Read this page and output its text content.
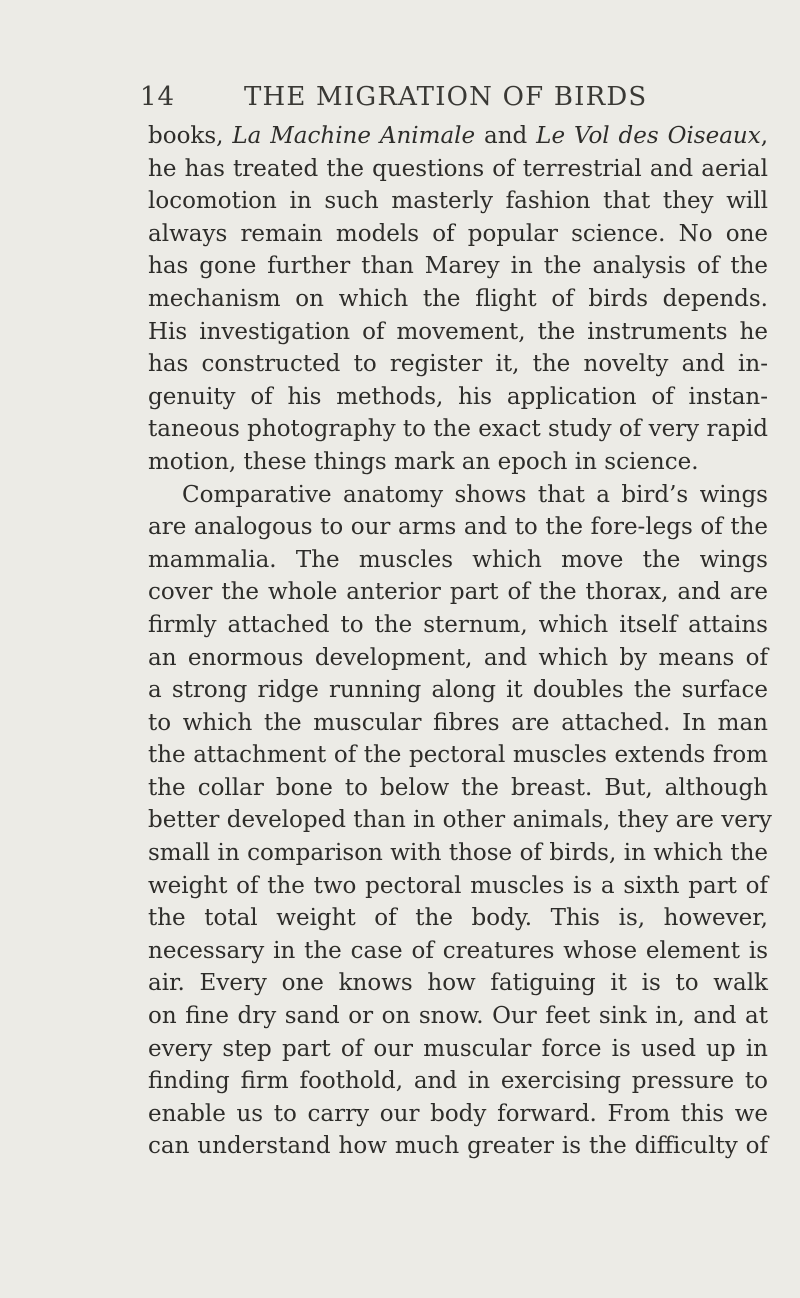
14	THE MIGRATION OF BIRDS
books, La Machine Animale and Le Vol des Oiseaux,
he has treated the questions of terrestrial and aerial
locomotion in such masterly fashion that they will
always remain models of popular science. No one
has gone further than Marey in the analysis of the
mechanism on which the flight of birds depends.
His investigation of movement, the instruments he
has constructed to register it, the novelty and in-
genuity of his methods, his application of instan-
taneous photography to the exact study of very rapid
motion, these things mark an epoch in science.
Comparative anatomy shows that a bird’s wings
are analogous to our arms and to the fore-legs of the
mammalia. The muscles which move the wings
cover the whole anterior part of the thorax, and are
firmly attached to the sternum, which itself attains
an enormous development, and which by means of
a strong ridge running along it doubles the surface
to which the muscular fibres are attached. In man
the attachment of the pectoral muscles extends from
the collar bone to below the breast. But, although
better developed than in other animals, they are very
small in comparison with those of birds, in which the
weight of the two pectoral muscles is a sixth part of
the total weight of the body. This is, however,
necessary in the case of creatures whose element is
air. Every one knows how fatiguing it is to walk
on fine dry sand or on snow. Our feet sink in, and at
every step part of our muscular force is used up in
finding firm foothold, and in exercising pressure to
enable us to carry our body forward. From this we
can understand how much greater is the difficulty of
